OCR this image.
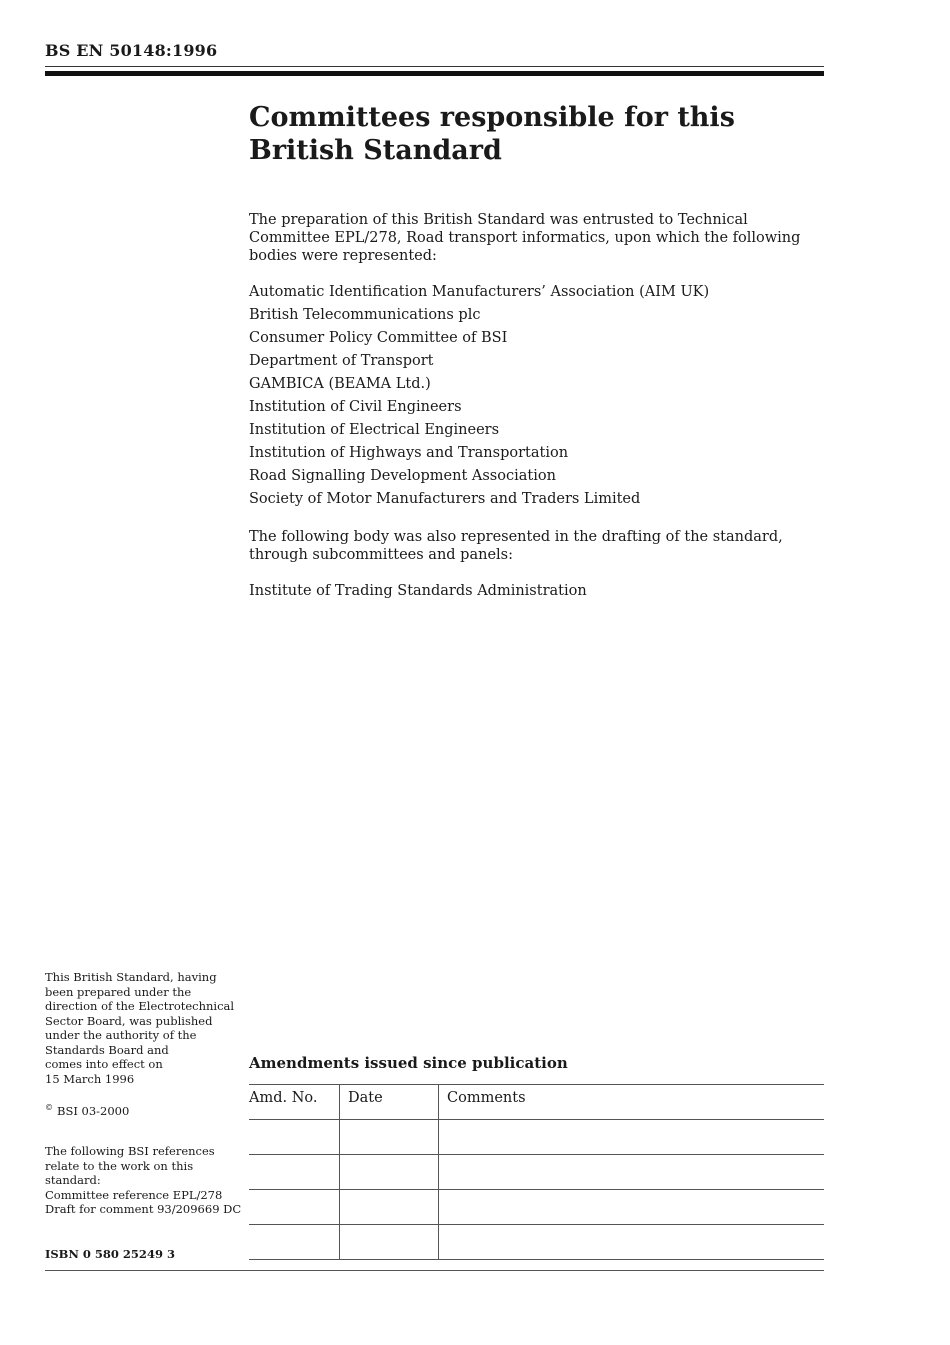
BS EN 50148:1996
Committees responsible for this
British Standard

The preparation of this British Standard was entrusted to Technical Committee EPL/278, Road transport informatics, upon which the following bodies were represented:

Automatic Identification Manufacturers’ Association (AIM UK)
British Telecommunications plc
Consumer Policy Committee of BSI
Department of Transport
GAMBICA (BEAMA Ltd.)
Institution of Civil Engineers
Institution of Electrical Engineers
Institution of Highways and Transportation
Road Signalling Development Association
Society of Motor Manufacturers and Traders Limited

The following body was also represented in the drafting of the standard, through subcommittees and panels:

Institute of Trading Standards Administration

This British Standard, having

been prepared under the

direction of the Electrotechnical

Sector Board, was published

under the authority of the

Standards Board and

comes into effect on

15 March 1996

© BSI 03-2000

The following BSI references

relate to the work on this

standard:

Committee reference EPL/278

Draft for comment 93/209669 DC

ISBN 0 580 25249 3
Amendments issued since publication
Amd. No.	Date	Comments
